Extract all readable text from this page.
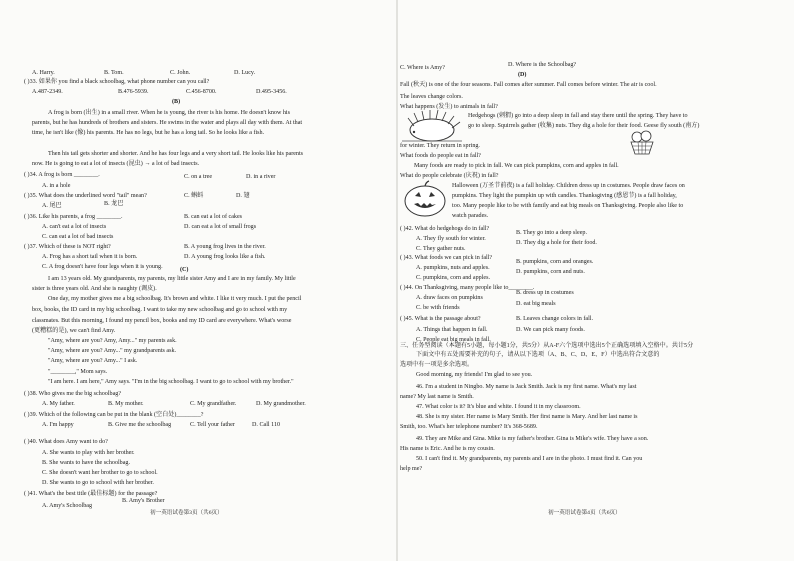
A. Harry.	B. Tom.	C. John.	D. Lucy.
( )33. 如果你 you find a black schoolbag, what phone number can you call?
A.487-2349.	B.476-5939.	C.456-8700.	D.495-3456.
(B)
A frog is born (出生) in a small river. When he is young, the river is his home. He doesn't know his
parents, but he has hundreds of brothers and sisters. He swims in the water and plays all day with them. At that
time, he isn't like (像) his parents. He has no legs, but he has a long tail. So he looks like a fish.
Then his tail gets shorter and shorter. And he has four legs and a very short tail. He looks like his parents
now. He is going to eat a lot of insects (昆虫) → a lot of bad insects.
( )34. A frog is born ________.	C. on a tree	D. in a river
A. in a hole
( )35. What does the underlined word "tail" mean?
B. 龙巴
C. 蝌蚪	D. 翅
A. 尾巴
( )36. Like his parents, a frog ________.	B. can eat a lot of cakes
A. can't eat a lot of insects	D. can eat a lot of small frogs
C. can eat a lot of bad insects
( )37. Which of these is NOT right?
A. Frog has a short tail when it is born.
B. A young frog lives in the river.
C. A frog doesn't have four legs when it is young.
D. A young frog looks like a fish.
(C)
I am 13 years old. My grandparents, my parents, my little sister Amy and I are in my family. My little
sister is three years old. And she is naughty (调皮).
One day, my mother gives me a big schoolbag. It's brown and white. I like it very much. I put the pencil
box, books, the ID card in my big schoolbag. I want to take my new schoolbag and go to school with my
classmates. But this morning, I found my pencil box, books and my ID card are everywhere. What's worse
(更糟糕的是), we can't find Amy.
"Amy, where are you? Amy, Amy..." my parents ask.
"Amy, where are you? Amy..." my grandparents ask.
"Amy, where are you? Amy..." I ask.
"________," Mom says.
"I am here. I am here," Amy says. "I'm in the big schoolbag. I want to go to school with my brother."
( )38. Who gives me the big schoolbag?
A. My father.	B. My mother.	C. My grandfather.	D. My grandmother.
( )39. Which of the following can be put in the blank (空白处)________?
A. I'm happy	B. Give me the schoolbag	C. Tell your father	D. Call 110
( )40. What does Amy want to do?
A. She wants to play with her brother.
B. She wants to have the schoolbag.
C. She doesn't want her brother to go to school.
D. She wants to go to school with her brother.
( )41. What's the best title (最佳标题) for the passage?
A. Amy's Schoolbag
B. Amy's Brother
初一英语试卷第3页（共6页）
C. Where is Amy?	D. Where is the Schoolbag?
(D)
Fall (秋天) is one of the four seasons. Fall comes after summer. Fall comes before winter. The air is cool.
The leaves change colors.
What happens (发生) to animals in fall?
Hedgehogs (刺猬) go into a deep sleep in fall and stay there until the spring. They have to
go to sleep. Squirrels gather (收集) nuts. They dig a hole for their food. Geese fly south (南方)
for winter. They return in spring.
What foods do people eat in fall?
Many foods are ready to pick in fall. We can pick pumpkins, corn and apples in fall.
What do people celebrate (庆祝) in fall?
Halloween (万圣节前夜) is a fall holiday. Children dress up in costumes. People draw faces on
pumpkins. They light the pumpkin up with candles. Thanksgiving (感恩节) is a fall holiday,
too. Many people like to be with family and eat big meals on Thanksgiving. People also like to
watch parades.
( )42. What do hedgehogs do in fall?
A. They fly south for winter.
B. They go into a deep sleep.
C. They gather nuts.
D. They dig a hole for their food.
( )43. What foods we can pick in fall?
A. pumpkins, nuts and apples.
B. pumpkins, corn and oranges.
C. pumpkins, corn and apples.
D. pumpkins, corn and nuts.
( )44. On Thanksgiving, many people like to________.
A. draw faces on pumpkins
B. dress up in costumes
C. be with friends
D. eat big meals
( )45. What is the passage about?
A. Things that happen in fall.
B. Leaves change colors in fall.
C. People eat big meals in fall.
D. We can pick many foods.
三、任务型阅读（本题有5小题，每小题1分，共5分）从A-F六个选项中选出5个正确选项填入空格中。共计5分
下面文中有五处需要补充的句子，请从以下选项（A、B、C、D、E、F）中选出符合文意的
选项中有一项是多余选项。
Good morning, my friends! I'm glad to see you.
46. I'm a student in Ningbo. My name is Jack Smith. Jack is my first name. What's my last
name? My last name is Smith.
47. What color is it? It's blue and white. I found it in my classroom.
48. She is my sister. Her name is Mary Smith. Her first name is Mary. And her last name is
Smith, too. What's her telephone number? It's 368-5689.
49. They are Mike and Gina. Mike is my father's brother. Gina is Mike's wife. They have a son.
His name is Eric. And he is my cousin.
50. I can't find it. My grandparents, my parents and I are in the photo. I must find it. Can you
help me?
初一英语试卷第4页（共6页）
